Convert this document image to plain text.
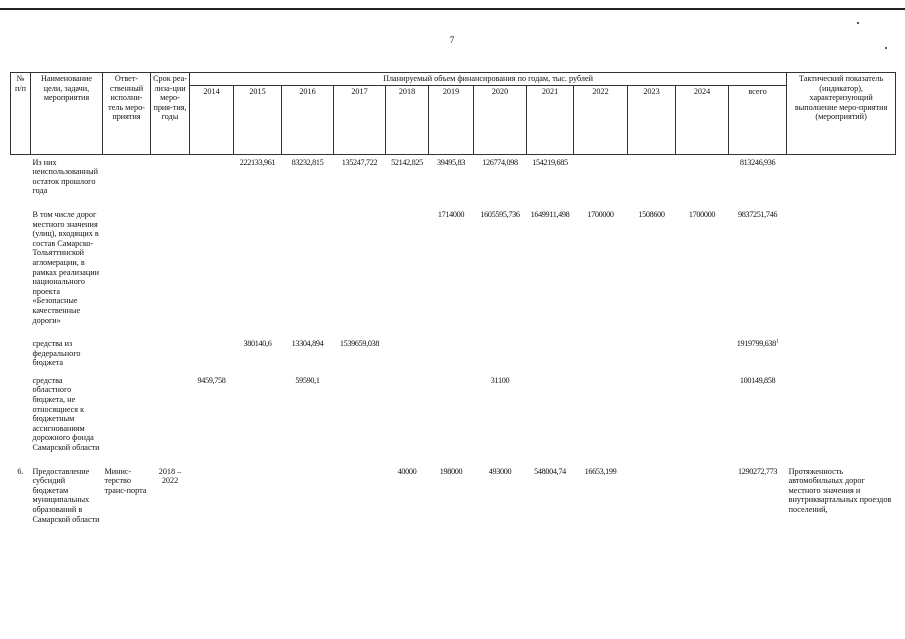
7
№ п/п	Наименование цели, задачи, мероприятия	Ответ-ственный исполни-тель меро-приятия	Срок реа-лиза-ции меро-прия-тия, годы	Планируемый объем финансирования по годам, тыс. рублей												Тактический показатель (индикатор), характеризующий выполнение меро-приятия (мероприятий)
				2014	2015	2016	2017	2018	2019	2020	2021	2022	2023	2024	всего	
	Из них неиспользованный остаток прошлого года				222133,961	83232,815	135247,722	52142,825	39495,83	126774,098	154219,685				813246,936	

	В том числе дорог местного значения (улиц), входящих в состав Самарско-Тольяттинской агломерации, в рамках реализации национального проекта «Безопасные качественные дороги»								1714000	1605595,736	1649911,498	1700000	1508600	1700000	9837251,746	

	средства из федерального бюджета				380140,6	13304,894	1539659,038								1919799,638$^1$	

	средства областного бюджета, не относящиеся к бюджетным ассигнованиям дорожного фонда Самарской области			9459,758		59590,1				31100					100149,858	

6.	Предоставление субсидий бюджетам муниципальных образований в Самарской области	Минис-терство транс-порта	2018 – 2022					40000	198000	493000	548004,74	16653,199			1290272,773	Протяженность автомобильных дорог местного значения и внутриквартальных проездов поселений,
